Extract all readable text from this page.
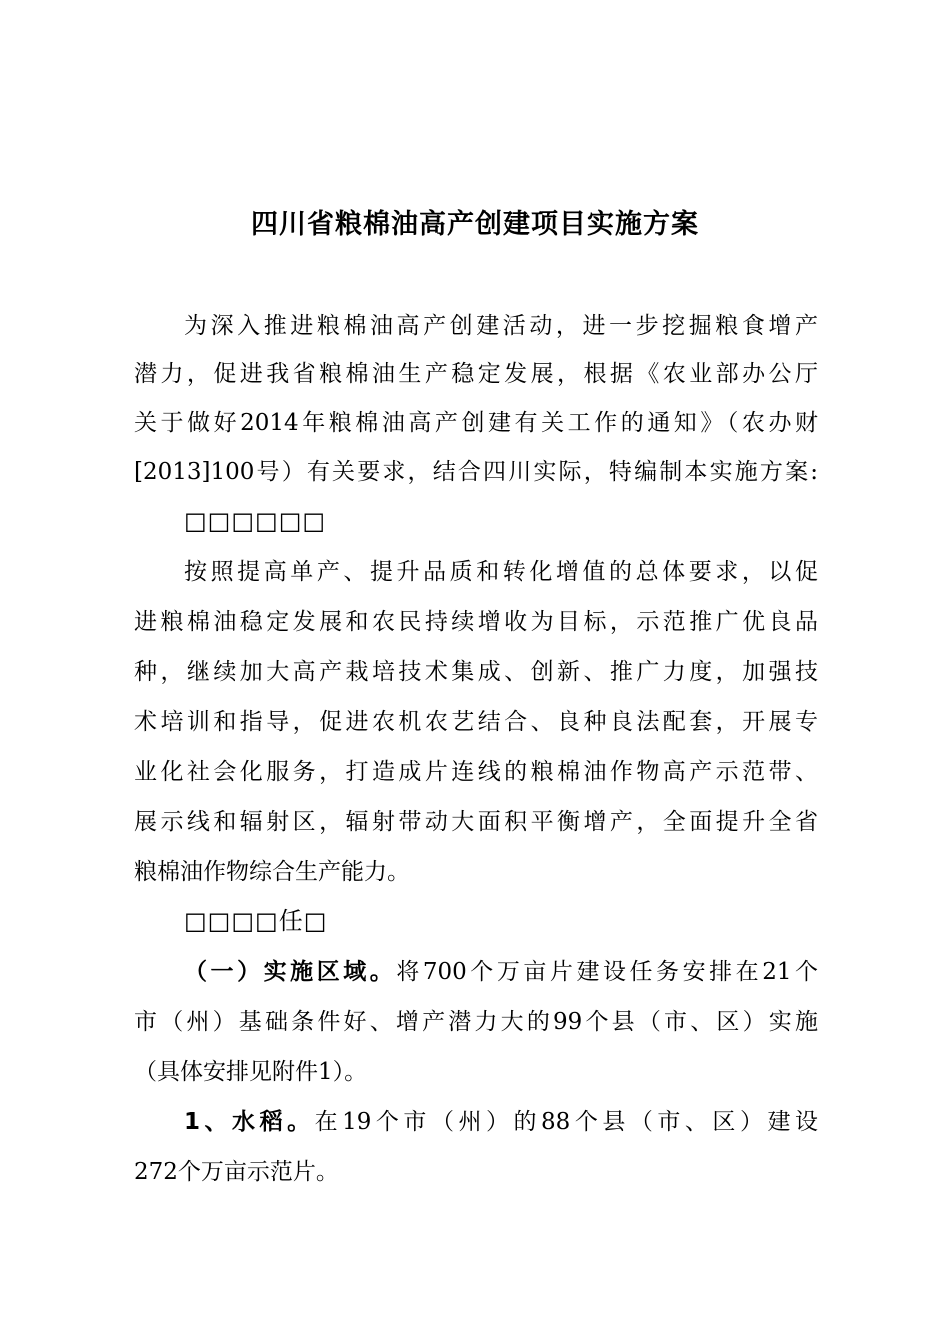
四川省粮棉油高产创建项目实施方案
为深入推进粮棉油高产创建活动，进一步挖掘粮食增产
潜力，促进我省粮棉油生产稳定发展，根据《农业部办公厅
关于做好2014年粮棉油高产创建有关工作的通知》（农办财
[2013]100号）有关要求，结合四川实际，特编制本实施方案:
□□□□□□
按照提高单产、提升品质和转化增值的总体要求，以促
进粮棉油稳定发展和农民持续增收为目标，示范推广优良品
种，继续加大高产栽培技术集成、创新、推广力度，加强技
术培训和指导，促进农机农艺结合、良种良法配套，开展专
业化社会化服务，打造成片连线的粮棉油作物高产示范带、
展示线和辐射区，辐射带动大面积平衡增产，全面提升全省
粮棉油作物综合生产能力。
□□□□任□
（一）实施区域。将700个万亩片建设任务安排在21个
市（州）基础条件好、增产潜力大的99个县（市、区）实施
（具体安排见附件1）。
1、水稻。在19个市（州）的88个县（市、区）建设
272个万亩示范片。
